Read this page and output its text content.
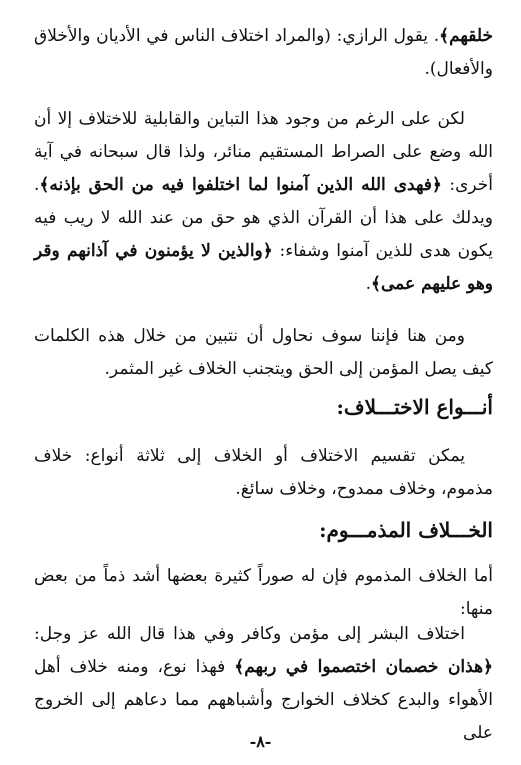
خلقهم﴾. يقول الرازي: (والمراد اختلاف الناس في الأديان والأخلاق والأفعال).

لكن على الرغم من وجود هذا التباين والقابلية للاختلاف إلا أن الله وضع على الصراط المستقيم منائر، ولذا قال سبحانه في آية أخرى: ﴿فهدى الله الذين آمنوا لما اختلفوا فيه من الحق بإذنه﴾. ويدلك على هذا أن القرآن الذي هو حق من عند الله لا ريب فيه يكون هدى للذين آمنوا وشفاء: ﴿والذين لا يؤمنون في آذانهم وقر وهو عليهم عمى﴾.

ومن هنا فإننا سوف نحاول أن نتبين من خلال هذه الكلمات كيف يصل المؤمن إلى الحق ويتجنب الخلاف غير المثمر.

أنـــواع الاختـــلاف:

يمكن تقسيم الاختلاف أو الخلاف إلى ثلاثة أنواع: خلاف مذموم، وخلاف ممدوح، وخلاف سائغ.

الخـــلاف المذمـــوم:

أما الخلاف المذموم فإن له صوراً كثيرة بعضها أشد ذماً من بعض منها:

اختلاف البشر إلى مؤمن وكافر وفي هذا قال الله عز وجل: ﴿هذان خصمان اختصموا في ربهم﴾ فهذا نوع، ومنه خلاف أهل الأهواء والبدع كخلاف الخوارج وأشباههم مما دعاهم إلى الخروج على

-٨-
